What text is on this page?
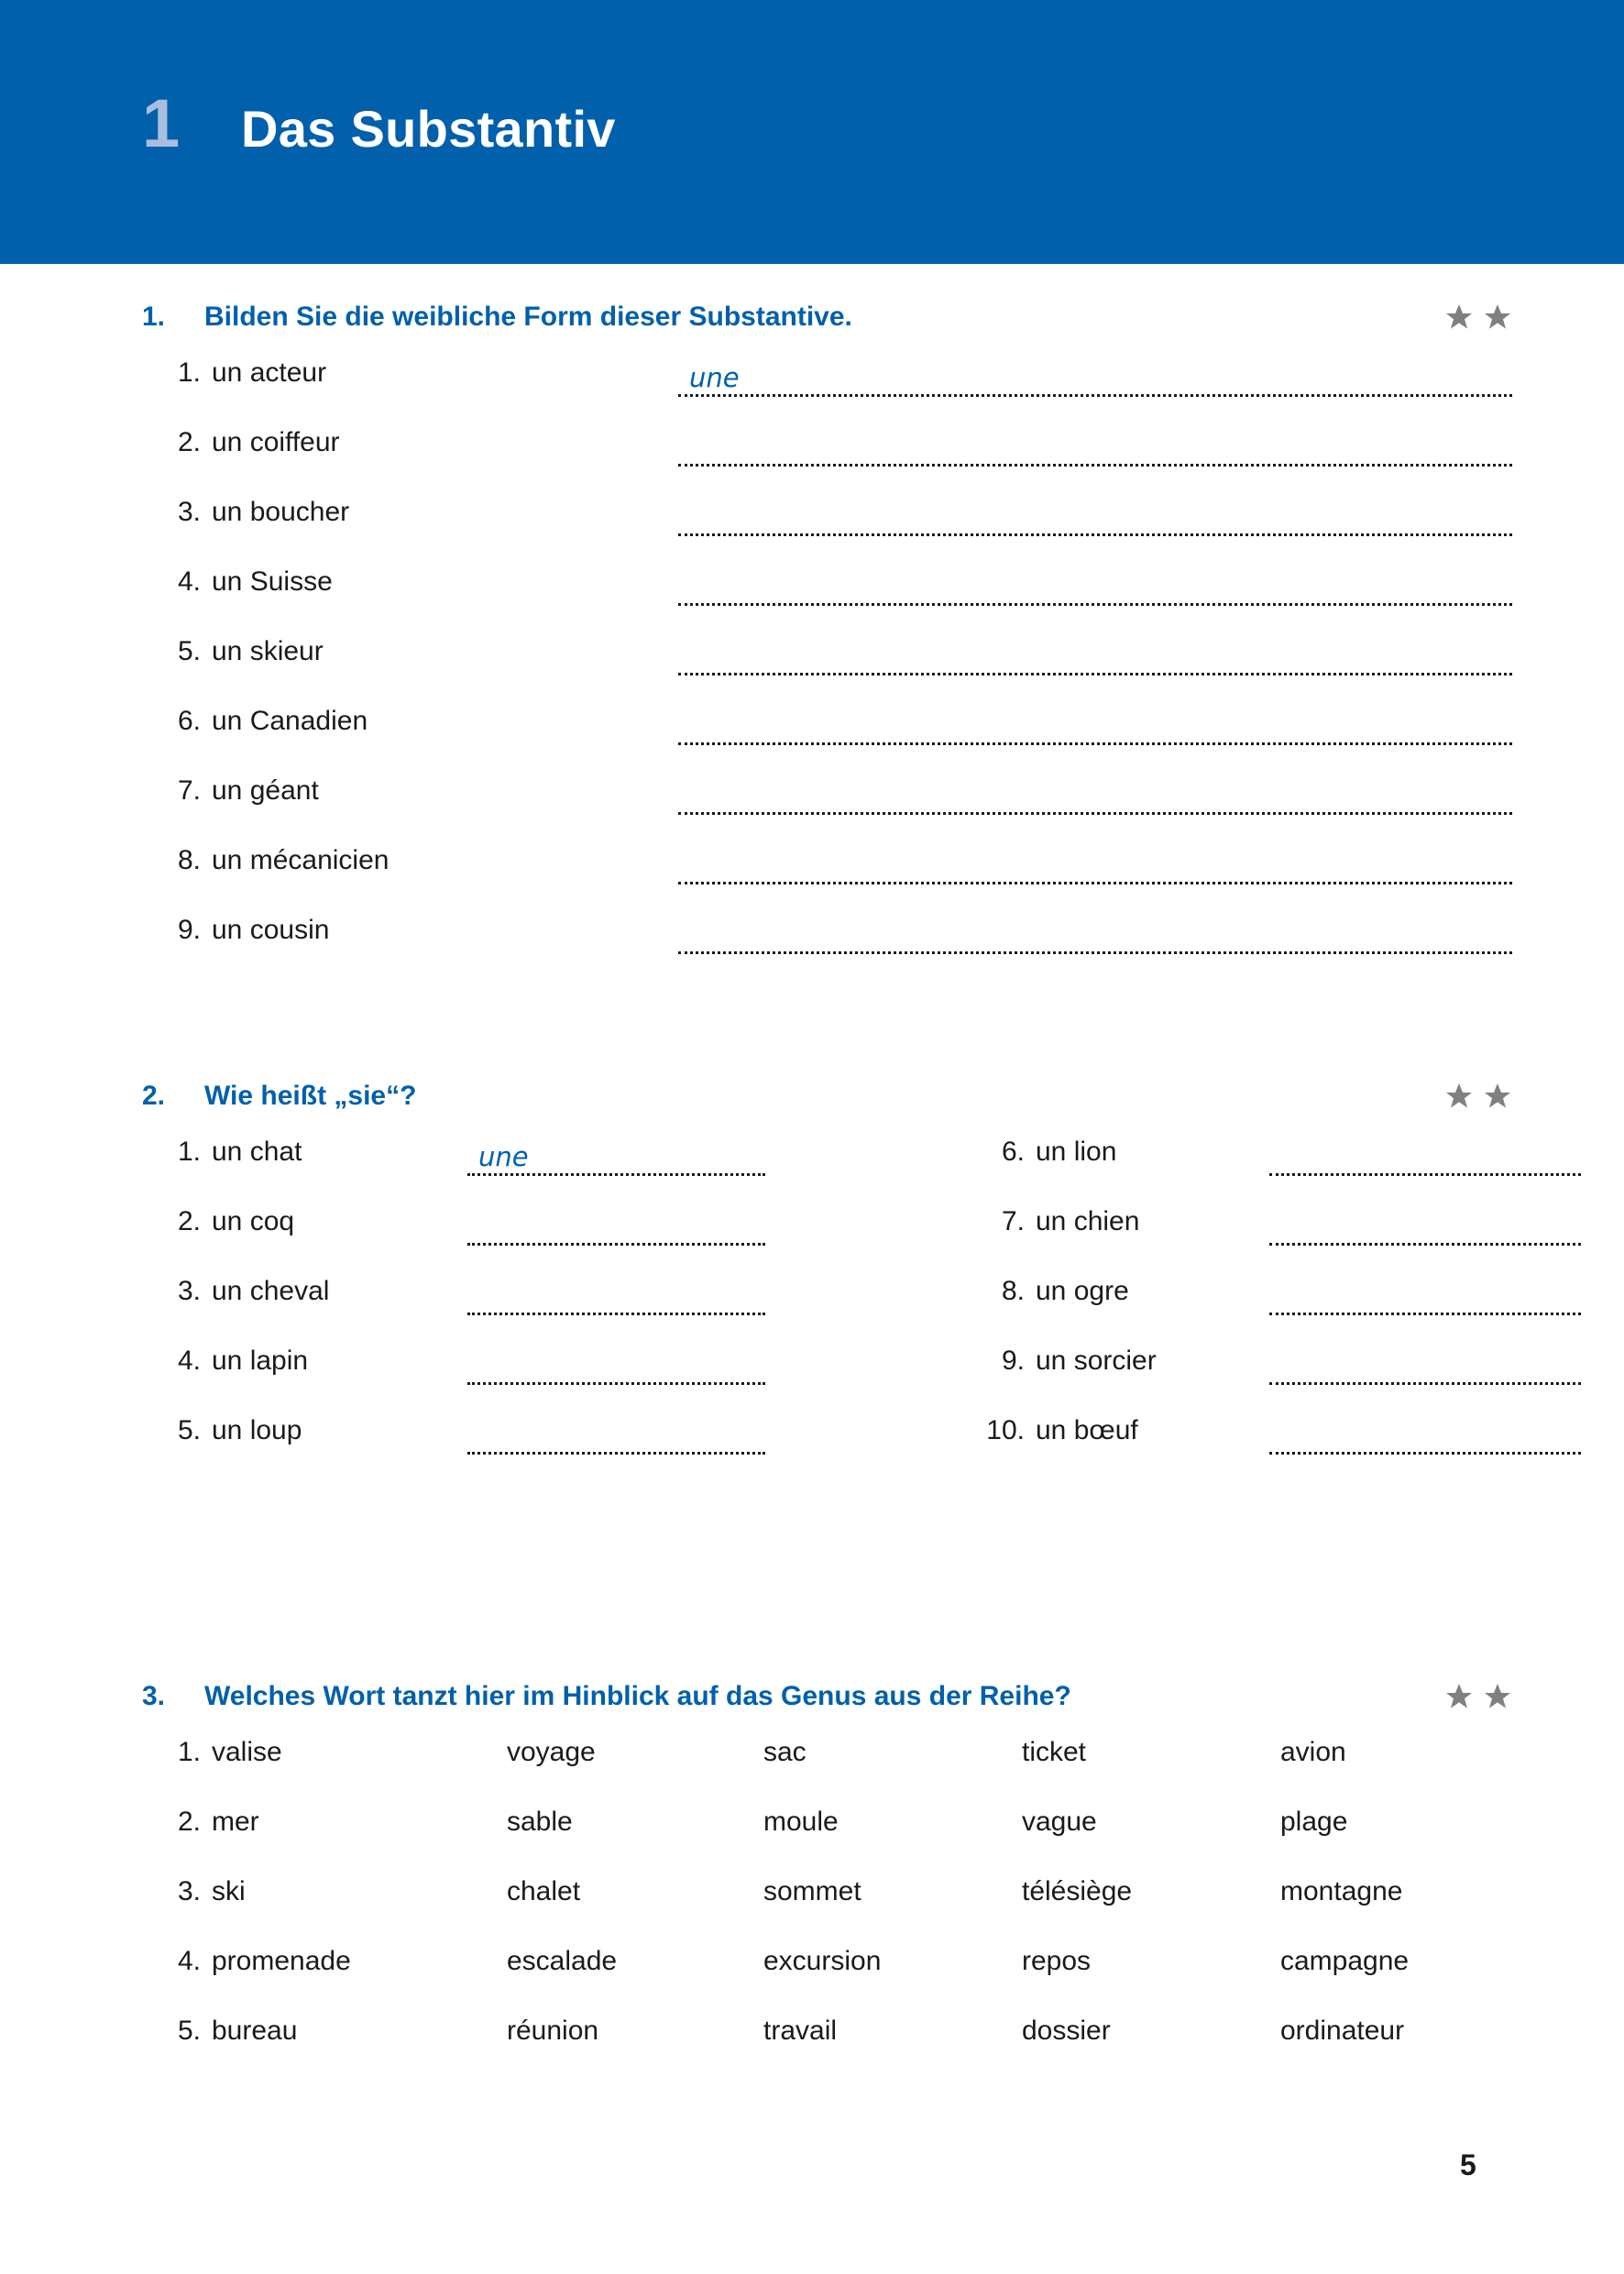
1	Das Substantiv
1. Bilden Sie die weibliche Form dieser Substantive.
1. un acteur	une
2. un coiffeur
3. un boucher
4. un Suisse
5. un skieur
6. un Canadien
7. un géant
8. un mécanicien
9. un cousin
2. Wie heißt „sie“?
1. un chat	une
2. un coq
3. un cheval
4. un lapin
5. un loup
6. un lion
7. un chien
8. un ogre
9. un sorcier
10. un bœuf
3. Welches Wort tanzt hier im Hinblick auf das Genus aus der Reihe?
1. valise	voyage	sac	ticket	avion
2. mer	sable	moule	vague	plage
3. ski	chalet	sommet	télésiège	montagne
4. promenade	escalade	excursion	repos	campagne
5. bureau	réunion	travail	dossier	ordinateur
5
